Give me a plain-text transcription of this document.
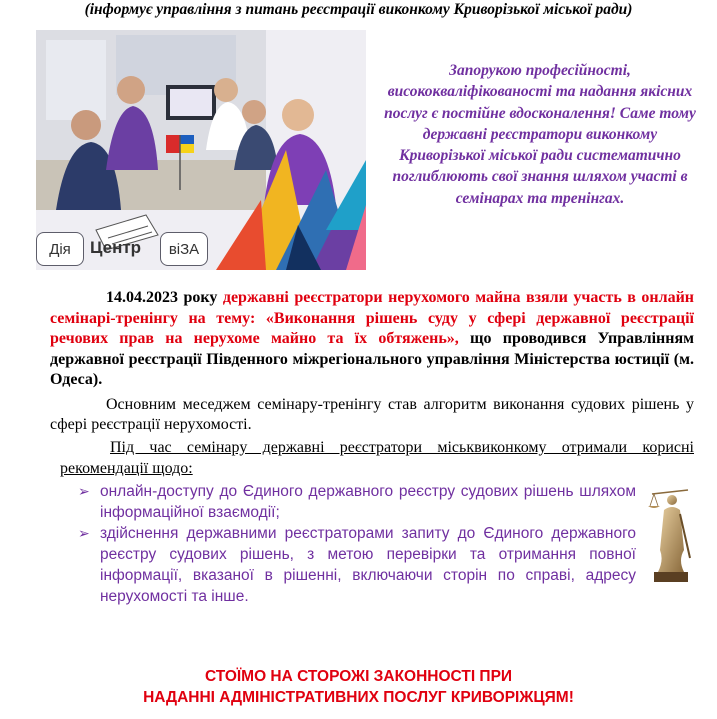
(інформує управління з питань реєстрації виконкому Криворізької міської ради)
Дія	Центр	віЗА
Запорукою професійності, висококваліфікованості та надання якісних послуг є постійне вдосконалення! Саме тому державні реєстратори виконкому Криворізької міської ради систематично поглиблюють свої знання шляхом участі в семінарах та тренінгах.
14.04.2023 року державні реєстратори нерухомого майна взяли участь в онлайн семінарі-тренінгу на тему: «Виконання рішень суду у сфері державної реєстрації речових прав на нерухоме майно та їх обтяжень», що проводився Управлінням державної реєстрації Південного міжрегіонального управління Міністерства юстиції (м. Одеса).
Основним меседжем семінару-тренінгу став алгоритм виконання судових рішень у сфері реєстрації нерухомості.
Під час семінару державні реєстратори міськвиконкому отримали корисні рекомендації щодо:
➢ онлайн-доступу до Єдиного державного реєстру судових рішень шляхом інформаційної взаємодії;
➢ здійснення державними реєстраторами запиту до Єдиного державного реєстру судових рішень, з метою перевірки та отримання повної інформації, вказаної в рішенні, включаючи сторін по справі, адресу нерухомості та інше.
СТОЇМО НА СТОРОЖІ ЗАКОННОСТІ ПРИ
НАДАННІ АДМІНІСТРАТИВНИХ ПОСЛУГ КРИВОРІЖЦЯМ!
